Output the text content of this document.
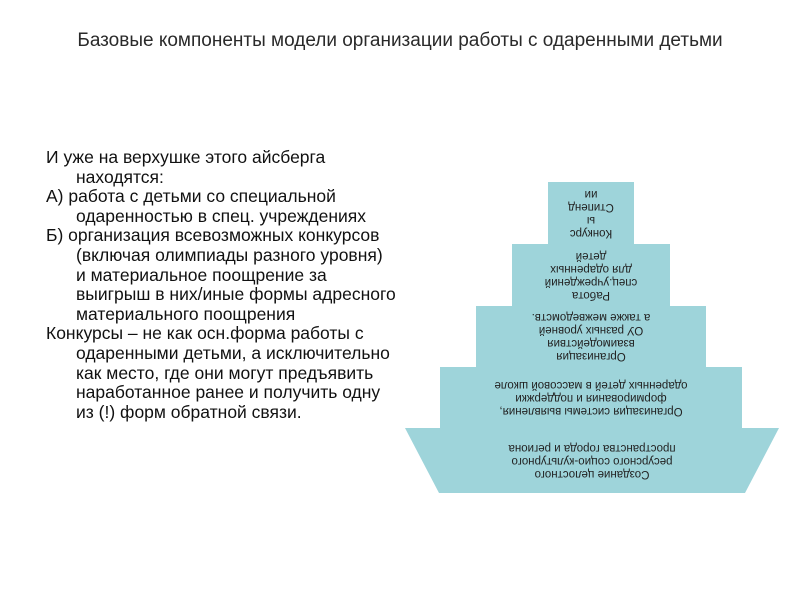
Базовые компоненты модели организации работы с одаренными детьми

И уже на верхушке этого айсберга находятся:

А) работа с детьми со специальной одаренностью в спец. учреждениях

Б) организация всевозможных конкурсов (включая олимпиады разного уровня) и материальное поощрение за выигрыш в них/иные формы адресного материального поощрения

Конкурсы – не как осн.форма работы с одаренными детьми, а исключительно как место, где они могут предъявить наработанное ранее и получить одну из (!) форм обратной связи.

Создание целостного
ресурсного социо-культурного
пространства города и региона
Организация системы выявления,
формирования и поддержки
одаренных детей в массовой школе
Организация
взаимодействия
ОУ разных уровней
а также межведомств.
Работа
спец.учреждений
для одаренных
детей
Конкурс
ы
Стипенд
ии
